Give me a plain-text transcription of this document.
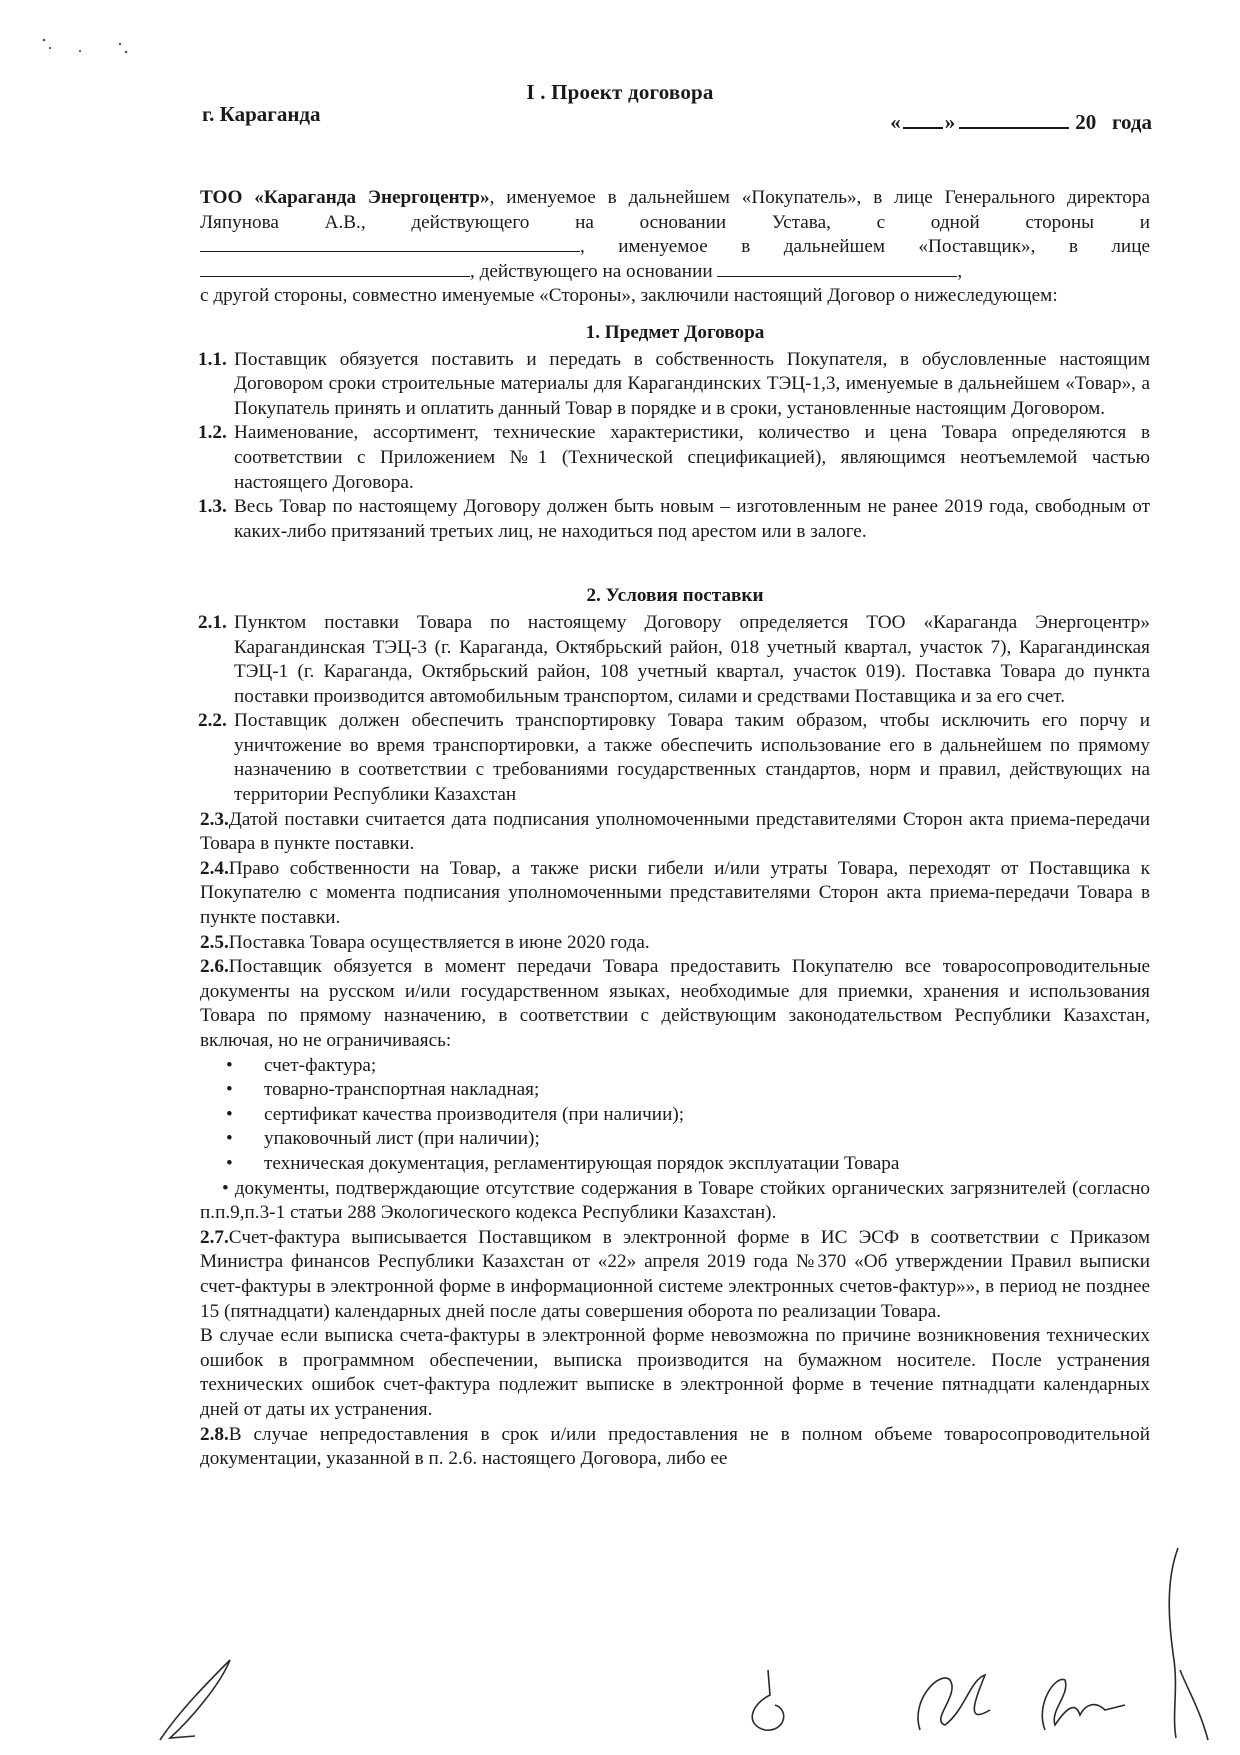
I . Проект договора
г. Караганда	« »	20   года

ТОО «Караганда Энергоцентр», именуемое в дальнейшем «Покупатель», в лице Генерального директора Ляпунова А.В., действующего на основании Устава, с одной стороны и , именуемое в дальнейшем «Поставщик», в лице , действующего на основании	,

с другой стороны, совместно именуемые «Стороны», заключили настоящий Договор о нижеследующем:

1. Предмет Договора
1.1. Поставщик обязуется поставить и передать в собственность Покупателя, в обусловленные настоящим Договором сроки строительные материалы для Карагандинских ТЭЦ-1,3, именуемые в дальнейшем «Товар», а Покупатель принять и оплатить данный Товар в порядке и в сроки, установленные настоящим Договором.
1.2. Наименование, ассортимент, технические характеристики, количество и цена Товара определяются в соответствии с Приложением №1 (Технической спецификацией), являющимся неотъемлемой частью настоящего Договора.
1.3. Весь Товар по настоящему Договору должен быть новым – изготовленным не ранее 2019 года, свободным от каких-либо притязаний третьих лиц, не находиться под арестом или в залоге.
2. Условия поставки
2.1. Пунктом поставки Товара по настоящему Договору определяется ТОО «Караганда Энергоцентр» Карагандинская ТЭЦ-3 (г. Караганда, Октябрьский район, 018 учетный квартал, участок 7), Карагандинская ТЭЦ-1 (г. Караганда, Октябрьский район, 108 учетный квартал, участок 019). Поставка Товара до пункта поставки производится автомобильным транспортом, силами и средствами Поставщика и за его счет.
2.2. Поставщик должен обеспечить транспортировку Товара таким образом, чтобы исключить его порчу и уничтожение во время транспортировки, а также обеспечить использование его в дальнейшем по прямому назначению в соответствии с требованиями государственных стандартов, норм и правил, действующих на территории Республики Казахстан

2.3.Датой поставки считается дата подписания уполномоченными представителями Сторон акта приема-передачи Товара в пункте поставки.

2.4.Право собственности на Товар, а также риски гибели и/или утраты Товара, переходят от Поставщика к Покупателю с момента подписания уполномоченными представителями Сторон акта приема-передачи Товара в пункте поставки.

2.5.Поставка Товара осуществляется в июне 2020 года.

2.6.Поставщик обязуется в момент передачи Товара предоставить Покупателю все товаросопроводительные документы на русском и/или государственном языках, необходимые для приемки, хранения и использования Товара по прямому назначению, в соответствии с действующим законодательством Республики Казахстан, включая, но не ограничиваясь:

• счет-фактура;
• товарно-транспортная накладная;
• сертификат качества производителя (при наличии);
• упаковочный лист (при наличии);
• техническая документация, регламентирующая порядок эксплуатации Товара

• документы, подтверждающие отсутствие содержания в Товаре стойких органических загрязнителей (согласно п.п.9,п.3-1 статьи 288 Экологического кодекса Республики Казахстан).

2.7.Счет-фактура выписывается Поставщиком в электронной форме в ИС ЭСФ в соответствии с Приказом Министра финансов Республики Казахстан от «22» апреля 2019 года №370 «Об утверждении Правил выписки счет-фактуры в электронной форме в информационной системе электронных счетов-фактур»», в период не позднее 15 (пятнадцати) календарных дней после даты совершения оборота по реализации Товара.

В случае если выписка счета-фактуры в электронной форме невозможна по причине возникновения технических ошибок в программном обеспечении, выписка производится на бумажном носителе. После устранения технических ошибок счет-фактура подлежит выписке в электронной форме в течение пятнадцати календарных дней от даты их устранения.

2.8.В случае непредоставления в срок и/или предоставления не в полном объеме товаросопроводительной документации, указанной в п. 2.6. настоящего Договора, либо ее
